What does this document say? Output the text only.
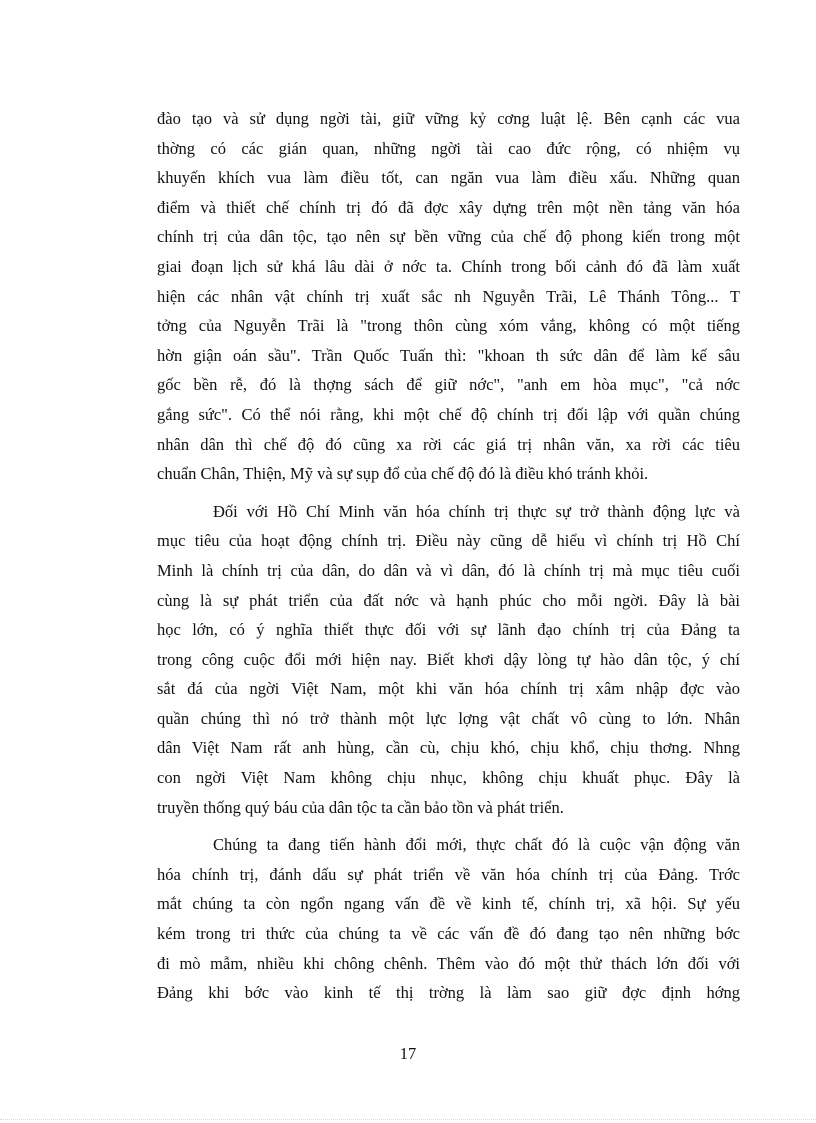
đào tạo và sử dụng ngời tài, giữ vững kỷ cơng luật lệ. Bên cạnh các vua
thờng có các gián quan, những ngời tài cao đức rộng, có nhiệm vụ
khuyến khích vua làm điều tốt, can ngăn vua làm điều xấu. Những quan
điểm và thiết chế chính trị đó đã đợc xây dựng trên một nền tảng văn hóa
chính trị của dân tộc, tạo nên sự bền vững của chế độ phong kiến trong một
giai đoạn lịch sử khá lâu dài ở nớc ta. Chính trong bối cảnh đó đã làm xuất
hiện các nhân vật chính trị xuất sắc nh Nguyễn Trãi, Lê Thánh Tông... T
tởng của Nguyễn Trãi là "trong thôn cùng xóm vắng, không có một tiếng
hờn giận oán sầu". Trần Quốc Tuấn thì: "khoan th sức dân để làm kế sâu
gốc bền rễ, đó là thợng sách để giữ nớc", "anh em hòa mục", "cả nớc
gắng sức". Có thể nói rằng, khi một chế độ chính trị đối lập với quần chúng
nhân dân thì chế độ đó cũng xa rời các giá trị nhân văn, xa rời các tiêu
chuẩn Chân, Thiện, Mỹ và sự sụp đổ của chế độ đó là điều khó tránh khỏi.

Đối với Hồ Chí Minh văn hóa chính trị thực sự trở thành động lực và
mục tiêu của hoạt động chính trị. Điều này cũng dễ hiểu vì chính trị Hồ Chí
Minh là chính trị của dân, do dân và vì dân, đó là chính trị mà mục tiêu cuối
cùng là sự phát triển của đất nớc và hạnh phúc cho mỗi ngời. Đây là bài
học lớn, có ý nghĩa thiết thực đối với sự lãnh đạo chính trị của Đảng ta
trong công cuộc đổi mới hiện nay. Biết khơi dậy lòng tự hào dân tộc, ý chí
sắt đá của ngời Việt Nam, một khi văn hóa chính trị xâm nhập đợc vào
quần chúng thì nó trở thành một lực lợng vật chất vô cùng to lớn. Nhân
dân Việt Nam rất anh hùng, cần cù, chịu khó, chịu khổ, chịu thơng. Nhng
con ngời Việt Nam không chịu nhục, không chịu khuất phục. Đây là
truyền thống quý báu của dân tộc ta cần bảo tồn và phát triển.

Chúng ta đang tiến hành đổi mới, thực chất đó là cuộc vận động văn
hóa chính trị, đánh dấu sự phát triển về văn hóa chính trị của Đảng. Trớc
mắt chúng ta còn ngổn ngang vấn đề về kinh tế, chính trị, xã hội. Sự yếu
kém trong tri thức của chúng ta về các vấn đề đó đang tạo nên những bớc
đi mò mẫm, nhiều khi chông chênh. Thêm vào đó một thử thách lớn đối với
Đảng khi bớc vào kinh tế thị trờng là làm sao giữ đợc định hớng

17
